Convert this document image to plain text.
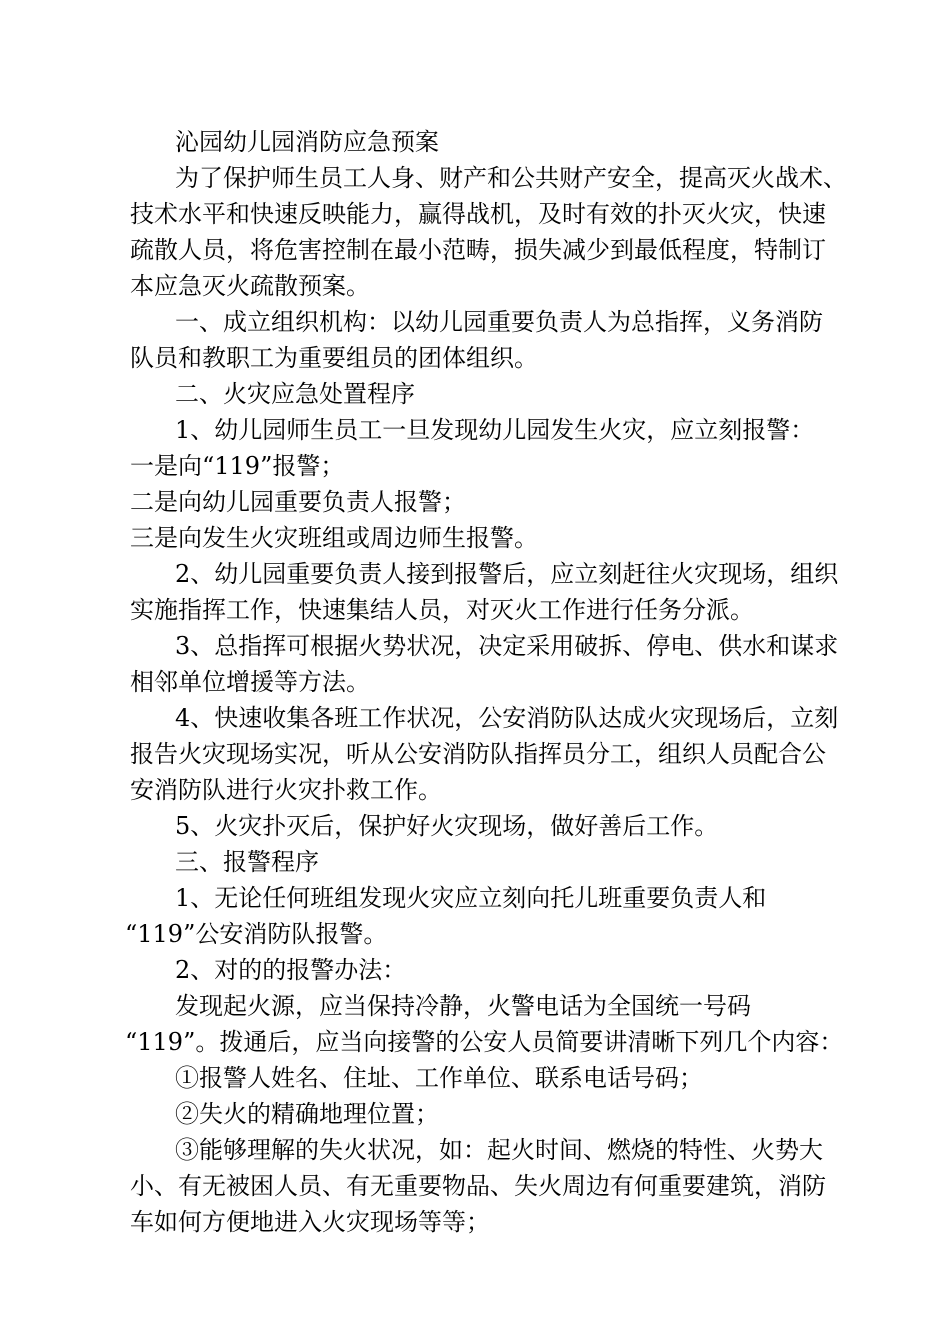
沁园幼儿园消防应急预案
为了保护师生员工人身、财产和公共财产安全，提高灭火战术、
技术水平和快速反映能力，赢得战机，及时有效的扑灭火灾，快速
疏散人员，将危害控制在最小范畴，损失减少到最低程度，特制订
本应急灭火疏散预案。
一、成立组织机构：以幼儿园重要负责人为总指挥，义务消防
队员和教职工为重要组员的团体组织。
二、火灾应急处置程序
1、幼儿园师生员工一旦发现幼儿园发生火灾，应立刻报警：
一是向“119”报警；
二是向幼儿园重要负责人报警；
三是向发生火灾班组或周边师生报警。
2、幼儿园重要负责人接到报警后，应立刻赶往火灾现场，组织
实施指挥工作，快速集结人员，对灭火工作进行任务分派。
3、总指挥可根据火势状况，决定采用破拆、停电、供水和谋求
相邻单位增援等方法。
4、快速收集各班工作状况，公安消防队达成火灾现场后，立刻
报告火灾现场实况，听从公安消防队指挥员分工，组织人员配合公
安消防队进行火灾扑救工作。
5、火灾扑灭后，保护好火灾现场，做好善后工作。
三、报警程序
1、无论任何班组发现火灾应立刻向托儿班重要负责人和
“119”公安消防队报警。
2、对的的报警办法：
发现起火源，应当保持冷静，火警电话为全国统一号码
“119”。拨通后，应当向接警的公安人员简要讲清晰下列几个内容：
①报警人姓名、住址、工作单位、联系电话号码；
②失火的精确地理位置；
③能够理解的失火状况，如：起火时间、燃烧的特性、火势大
小、有无被困人员、有无重要物品、失火周边有何重要建筑，消防
车如何方便地进入火灾现场等等；
